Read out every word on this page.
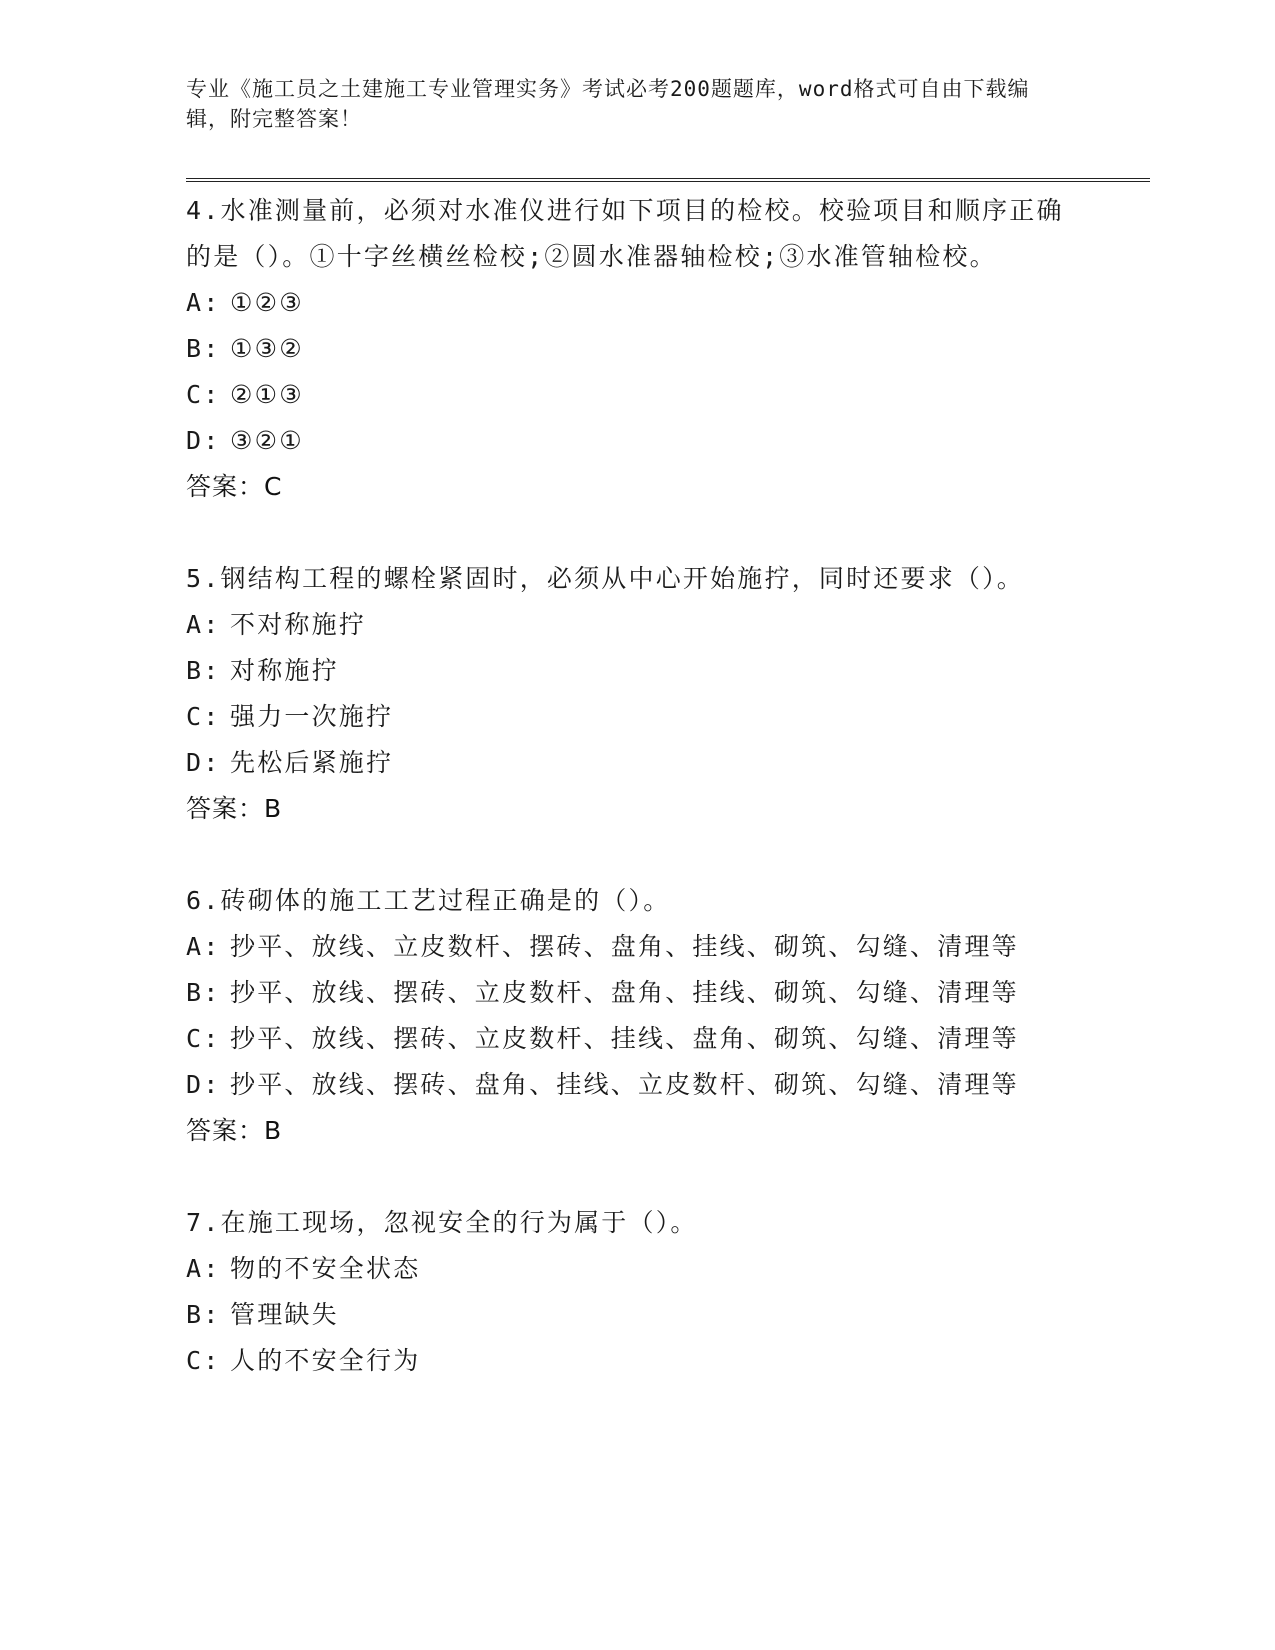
专业《施工员之土建施工专业管理实务》考试必考200题题库，word格式可自由下载编辑，附完整答案！
4.水准测量前，必须对水准仪进行如下项目的检校。校验项目和顺序正确的是（）。①十字丝横丝检校;②圆水准器轴检校;③水准管轴检校。
A: ①②③
B: ①③②
C: ②①③
D: ③②①
答案：C
5.钢结构工程的螺栓紧固时，必须从中心开始施拧，同时还要求（）。
A: 不对称施拧
B: 对称施拧
C: 强力一次施拧
D: 先松后紧施拧
答案：B
6.砖砌体的施工工艺过程正确是的（）。
A: 抄平、放线、立皮数杆、摆砖、盘角、挂线、砌筑、勾缝、清理等
B: 抄平、放线、摆砖、立皮数杆、盘角、挂线、砌筑、勾缝、清理等
C: 抄平、放线、摆砖、立皮数杆、挂线、盘角、砌筑、勾缝、清理等
D: 抄平、放线、摆砖、盘角、挂线、立皮数杆、砌筑、勾缝、清理等
答案：B
7.在施工现场，忽视安全的行为属于（）。
A: 物的不安全状态
B: 管理缺失
C: 人的不安全行为
